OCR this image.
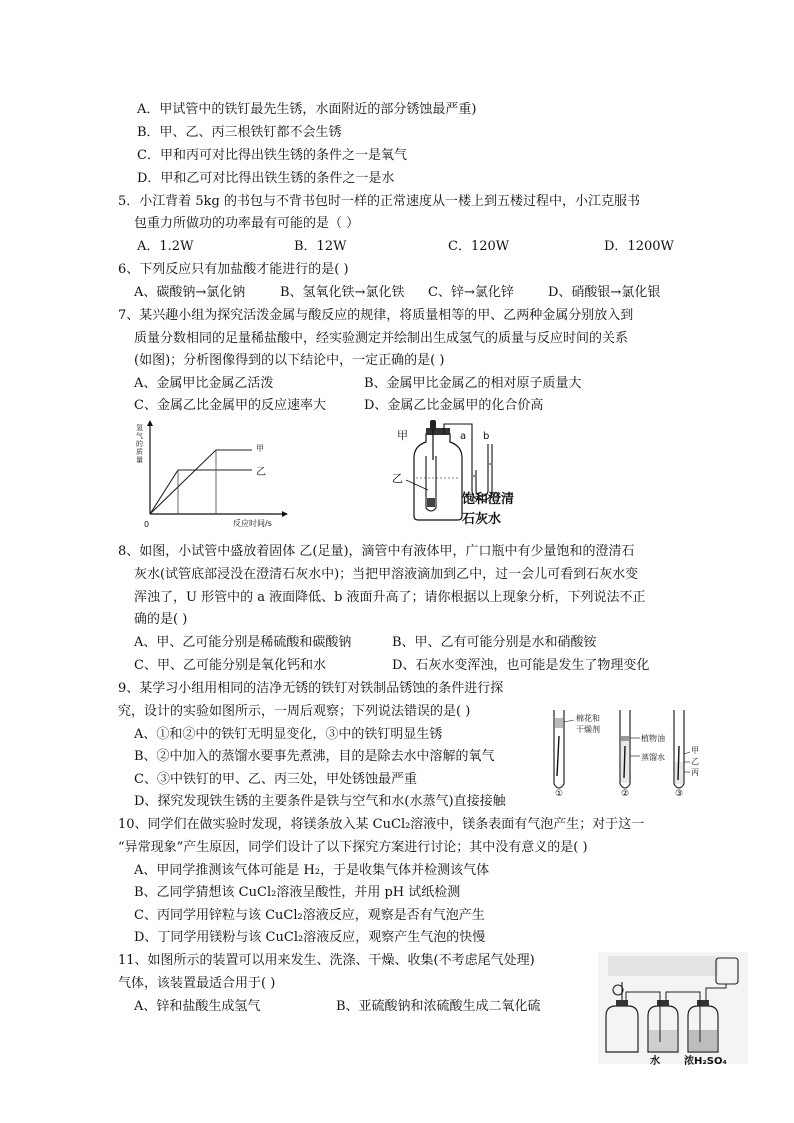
A．甲试管中的铁钉最先生锈，水面附近的部分锈蚀最严重)
B．甲、乙、丙三根铁钉都不会生锈
C．甲和丙可对比得出铁生锈的条件之一是氧气
D．甲和乙可对比得出铁生锈的条件之一是水
5．小江背着 5kg 的书包与不背书包时一样的正常速度从一楼上到五楼过程中，小江克服书
包重力所做功的功率最有可能的是（ ）
A．1.2W	B．12W	C．120W	D．1200W
6、下列反应只有加盐酸才能进行的是( )
A、碳酸钠→氯化钠	B、氢氧化铁→氯化铁 C、锌→氯化锌	D、硝酸银→氯化银
7、某兴趣小组为探究活泼金属与酸反应的规律，将质量相等的甲、乙两种金属分别放入到
质量分数相同的足量稀盐酸中，经实验测定并绘制出生成氢气的质量与反应时间的关系
(如图)；分析图像得到的以下结论中，一定正确的是( )
A、金属甲比金属乙活泼	B、金属甲比金属乙的相对原子质量大
C、金属乙比金属甲的反应速率大	D、金属乙比金属甲的化合价高
氢气的质量
甲
乙
0	反应时间/s
甲	a b
乙
饱和澄清
石灰水
8、如图，小试管中盛放着固体 乙(足量)，滴管中有液体甲，广口瓶中有少量饱和的澄清石
灰水(试管底部浸没在澄清石灰水中)；当把甲溶液滴加到乙中，过一会儿可看到石灰水变
浑浊了，U 形管中的 a 液面降低、b 液面升高了；请你根据以上现象分析，下列说法不正
确的是( )
A、甲、乙可能分别是稀硫酸和碳酸钠	B、甲、乙有可能分别是水和硝酸铵
C、甲、乙可能分别是氧化钙和水	D、石灰水变浑浊，也可能是发生了物理变化
9、某学习小组用相同的洁净无锈的铁钉对铁制品锈蚀的条件进行探
究，设计的实验如图所示，一周后观察；下列说法错误的是( )
A、①和②中的铁钉无明显变化，③中的铁钉明显生锈
B、②中加入的蒸馏水要事先煮沸，目的是除去水中溶解的氧气
C、③中铁钉的甲、乙、丙三处，甲处锈蚀最严重
D、探究发现铁生锈的主要条件是铁与空气和水(水蒸气)直接接触
棉花和
干燥剂
植物油
蒸馏水
甲
乙
丙
①	②	③
10、同学们在做实验时发现，将镁条放入某 CuCl₂溶液中，镁条表面有气泡产生；对于这一
“异常现象”产生原因，同学们设计了以下探究方案进行讨论；其中没有意义的是( )
A、甲同学推测该气体可能是 H₂，于是收集气体并检测该气体
B、乙同学猜想该 CuCl₂溶液呈酸性，并用 pH 试纸检测
C、丙同学用锌粒与该 CuCl₂溶液反应，观察是否有气泡产生
D、丁同学用镁粉与该 CuCl₂溶液反应，观察产生气泡的快慢
11、如图所示的装置可以用来发生、洗涤、干燥、收集(不考虑尾气处理)
气体，该装置最适合用于( )
A、锌和盐酸生成氢气	B、亚硫酸钠和浓硫酸生成二氧化硫
水 浓H₂SO₄
